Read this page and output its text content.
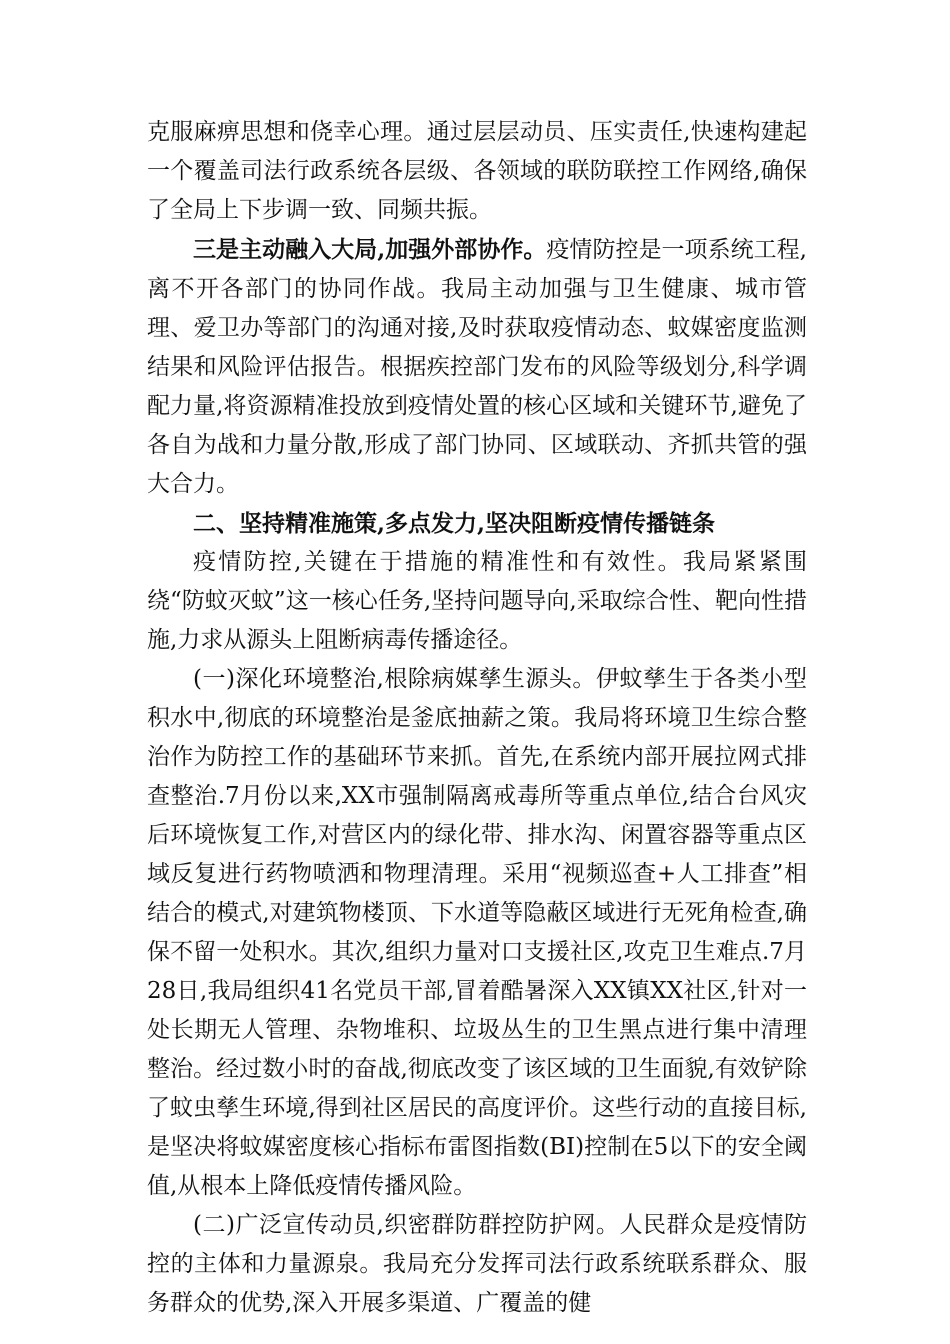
克服麻痹思想和侥幸心理。通过层层动员、压实责任,快速构建起一个覆盖司法行政系统各层级、各领域的联防联控工作网络,确保了全局上下步调一致、同频共振。

三是主动融入大局,加强外部协作。疫情防控是一项系统工程,离不开各部门的协同作战。我局主动加强与卫生健康、城市管理、爱卫办等部门的沟通对接,及时获取疫情动态、蚊媒密度监测结果和风险评估报告。根据疾控部门发布的风险等级划分,科学调配力量,将资源精准投放到疫情处置的核心区域和关键环节,避免了各自为战和力量分散,形成了部门协同、区域联动、齐抓共管的强大合力。

二、坚持精准施策,多点发力,坚决阻断疫情传播链条

疫情防控,关键在于措施的精准性和有效性。我局紧紧围绕“防蚊灭蚊”这一核心任务,坚持问题导向,采取综合性、靶向性措施,力求从源头上阻断病毒传播途径。

(一)深化环境整治,根除病媒孳生源头。伊蚊孳生于各类小型积水中,彻底的环境整治是釜底抽薪之策。我局将环境卫生综合整治作为防控工作的基础环节来抓。首先,在系统内部开展拉网式排查整治.7月份以来,XX市强制隔离戒毒所等重点单位,结合台风灾后环境恢复工作,对营区内的绿化带、排水沟、闲置容器等重点区域反复进行药物喷洒和物理清理。采用“视频巡查+人工排查”相结合的模式,对建筑物楼顶、下水道等隐蔽区域进行无死角检查,确保不留一处积水。其次,组织力量对口支援社区,攻克卫生难点.7月28日,我局组织41名党员干部,冒着酷暑深入XX镇XX社区,针对一处长期无人管理、杂物堆积、垃圾丛生的卫生黑点进行集中清理整治。经过数小时的奋战,彻底改变了该区域的卫生面貌,有效铲除了蚊虫孳生环境,得到社区居民的高度评价。这些行动的直接目标,是坚决将蚊媒密度核心指标布雷图指数(BI)控制在5以下的安全阈值,从根本上降低疫情传播风险。

(二)广泛宣传动员,织密群防群控防护网。人民群众是疫情防控的主体和力量源泉。我局充分发挥司法行政系统联系群众、服务群众的优势,深入开展多渠道、广覆盖的健
